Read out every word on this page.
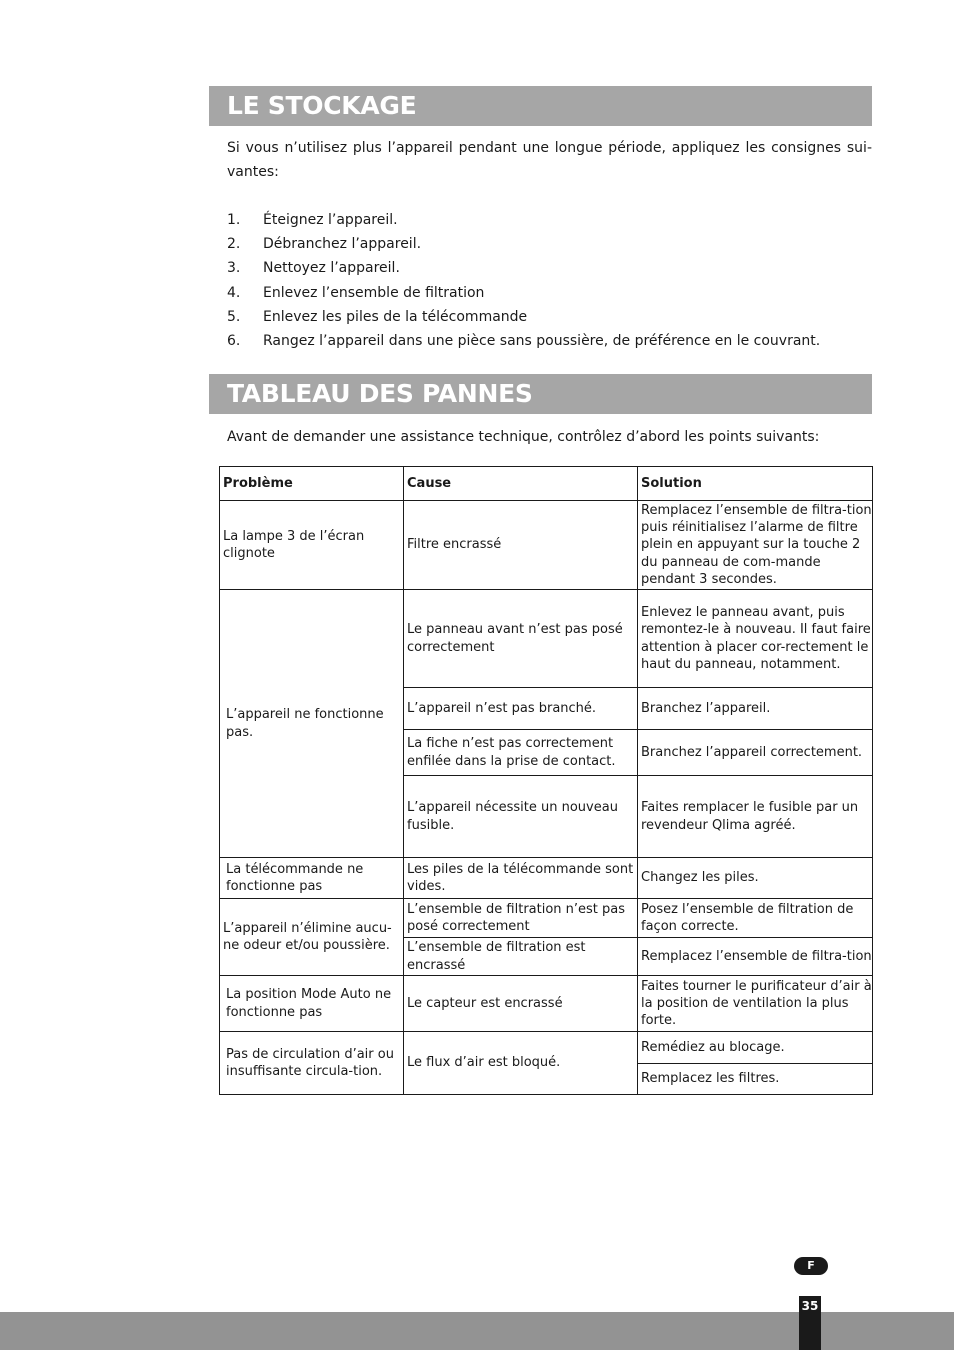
LE STOCKAGE
Si vous n’utilisez plus l’appareil pendant une longue période, appliquez les consignes sui-vantes:
1.	Éteignez l’appareil.
2.	Débranchez l’appareil.
3.	Nettoyez l’appareil.
4.	Enlevez l’ensemble de filtration
5.	Enlevez les piles de la télécommande
6.	Rangez l’appareil dans une pièce sans poussière, de préférence en le couvrant.
TABLEAU DES PANNES
Avant de demander une assistance technique, contrôlez d’abord les points suivants:
Problème	Cause	Solution
La lampe 3 de l’écran clignote	Filtre encrassé	Remplacez l’ensemble de filtra-tion puis réinitialisez l’alarme de filtre plein en appuyant sur la touche 2 du panneau de com-mande pendant 3 secondes.
L’appareil ne fonctionne pas.	Le panneau avant n’est pas posé correctement	Enlevez le panneau avant, puis remontez-le à nouveau. Il faut faire attention à placer cor-rectement le haut du panneau, notamment.
	L’appareil n’est pas branché.	Branchez l’appareil.
	La fiche n’est pas correctement enfilée dans la prise de contact.	Branchez l’appareil correctement.
	L’appareil nécessite un nouveau fusible.	Faites remplacer le fusible par un revendeur Qlima agréé.
La télécommande ne fonctionne pas	Les piles de la télécommande sont vides.	Changez les piles.
L’appareil n’élimine aucu-ne odeur et/ou poussière.	L’ensemble de filtration n’est pas posé correctement	Posez l’ensemble de filtration de façon correcte.
	L’ensemble de filtration est encrassé	Remplacez l’ensemble de filtra-tion
La position Mode Auto ne fonctionne pas	Le capteur est encrassé	Faites tourner le purificateur d’air à la position de ventilation la plus forte.
Pas de circulation d’air ou insuffisante circula-tion.	Le flux d’air est bloqué.	Remédiez au blocage.
		Remplacez les filtres.
F
35
